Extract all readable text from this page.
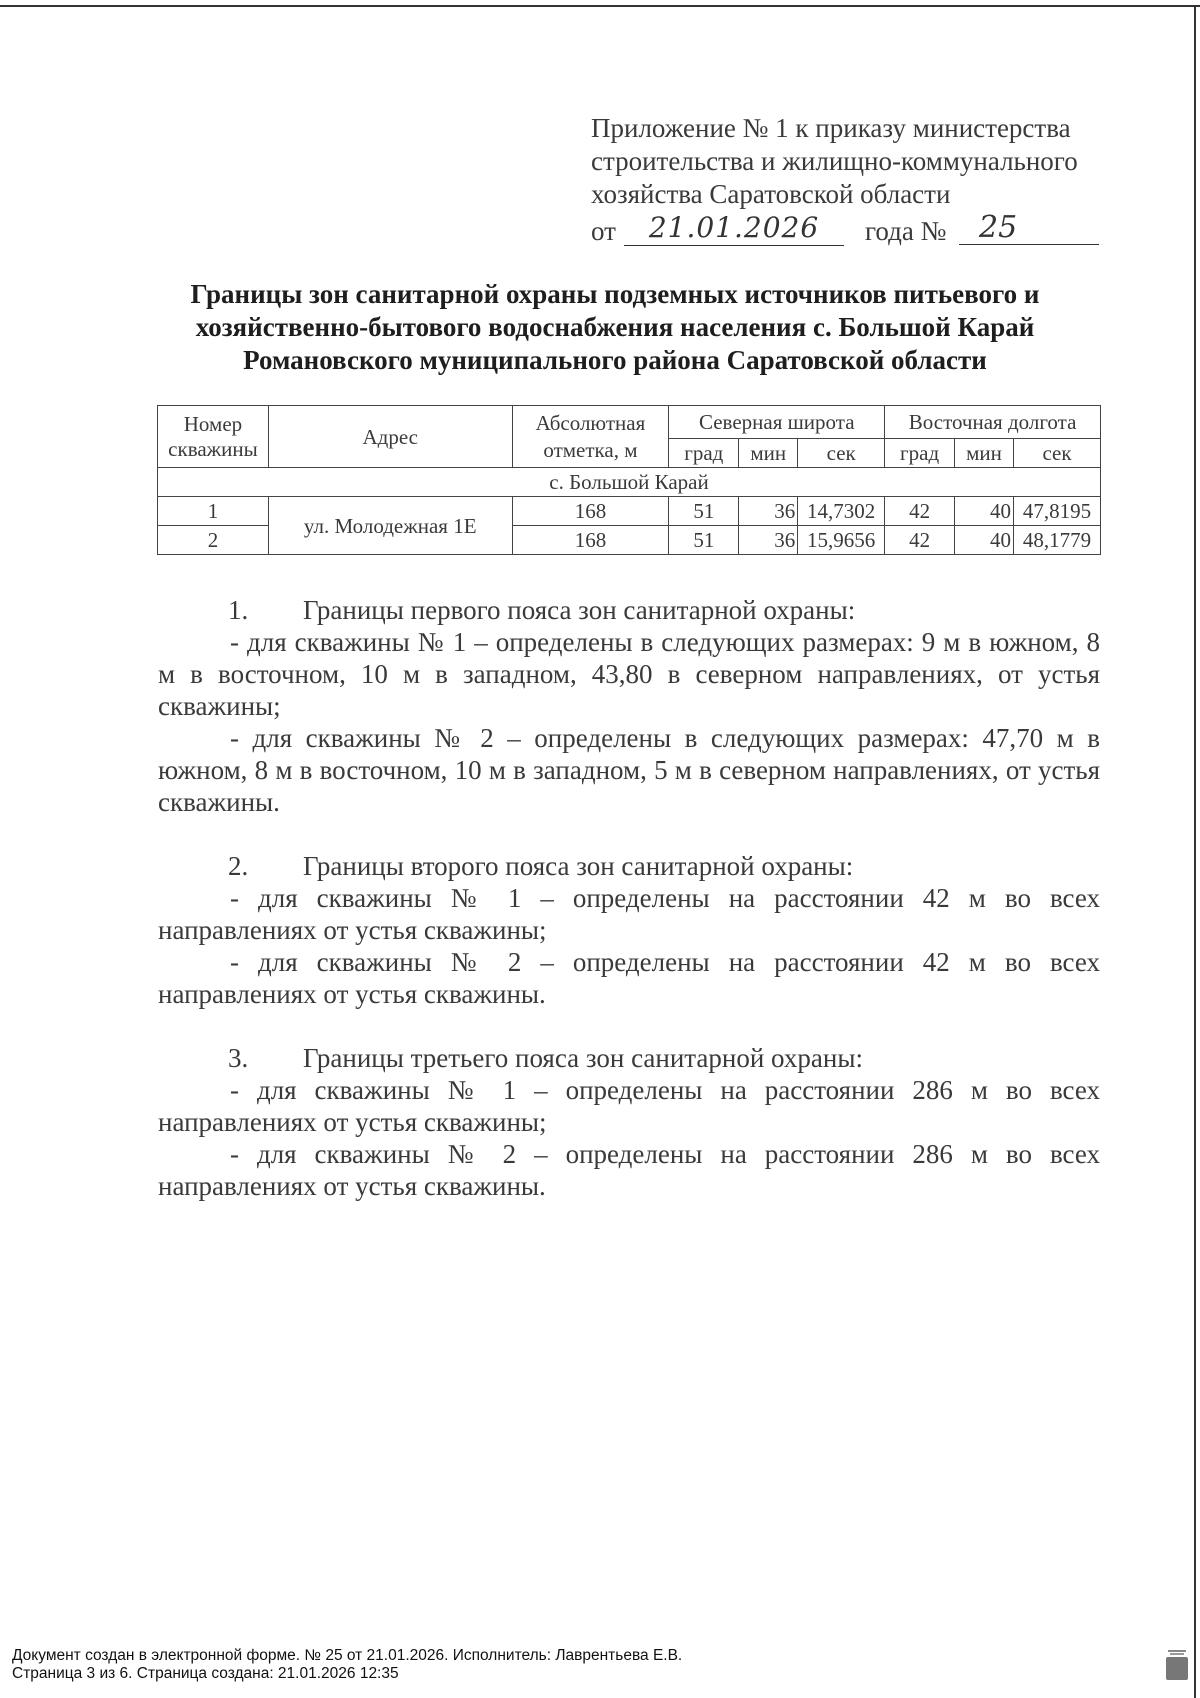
Приложение № 1 к приказу министерства
строительства и жилищно-коммунального
хозяйства Саратовской области
от	21.01.2026	года №	25
Границы зон санитарной охраны подземных источников питьевого и
хозяйственно-бытового водоснабжения населения с. Большой Карай
Романовского муниципального района Саратовской области
Номер скважины	Адрес	Абсолютная отметка, м	Северная широта			Восточная долгота		
			град	мин	сек	град	мин	сек
с. Большой Карай								
1	ул. Молодежная 1Е	168	51	36	14,7302	42	40	47,8195
2		168	51	36	15,9656	42	40	48,1779
1. Границы первого пояса зон санитарной охраны:
- для скважины № 1 – определены в следующих размерах: 9 м в южном, 8 м в восточном, 10 м в западном, 43,80 в северном направлениях, от устья скважины;
- для скважины № 2 – определены в следующих размерах: 47,70 м в южном, 8 м в восточном, 10 м в западном, 5 м в северном направлениях, от устья скважины.
2. Границы второго пояса зон санитарной охраны:
- для скважины № 1 – определены на расстоянии 42 м во всех направлениях от устья скважины;
- для скважины № 2 – определены на расстоянии 42 м во всех направлениях от устья скважины.
3. Границы третьего пояса зон санитарной охраны:
- для скважины № 1 – определены на расстоянии 286 м во всех направлениях от устья скважины;
- для скважины № 2 – определены на расстоянии 286 м во всех направлениях от устья скважины.
Документ создан в электронной форме. № 25 от 21.01.2026. Исполнитель: Лаврентьева Е.В.
Страница 3 из 6. Страница создана: 21.01.2026 12:35
